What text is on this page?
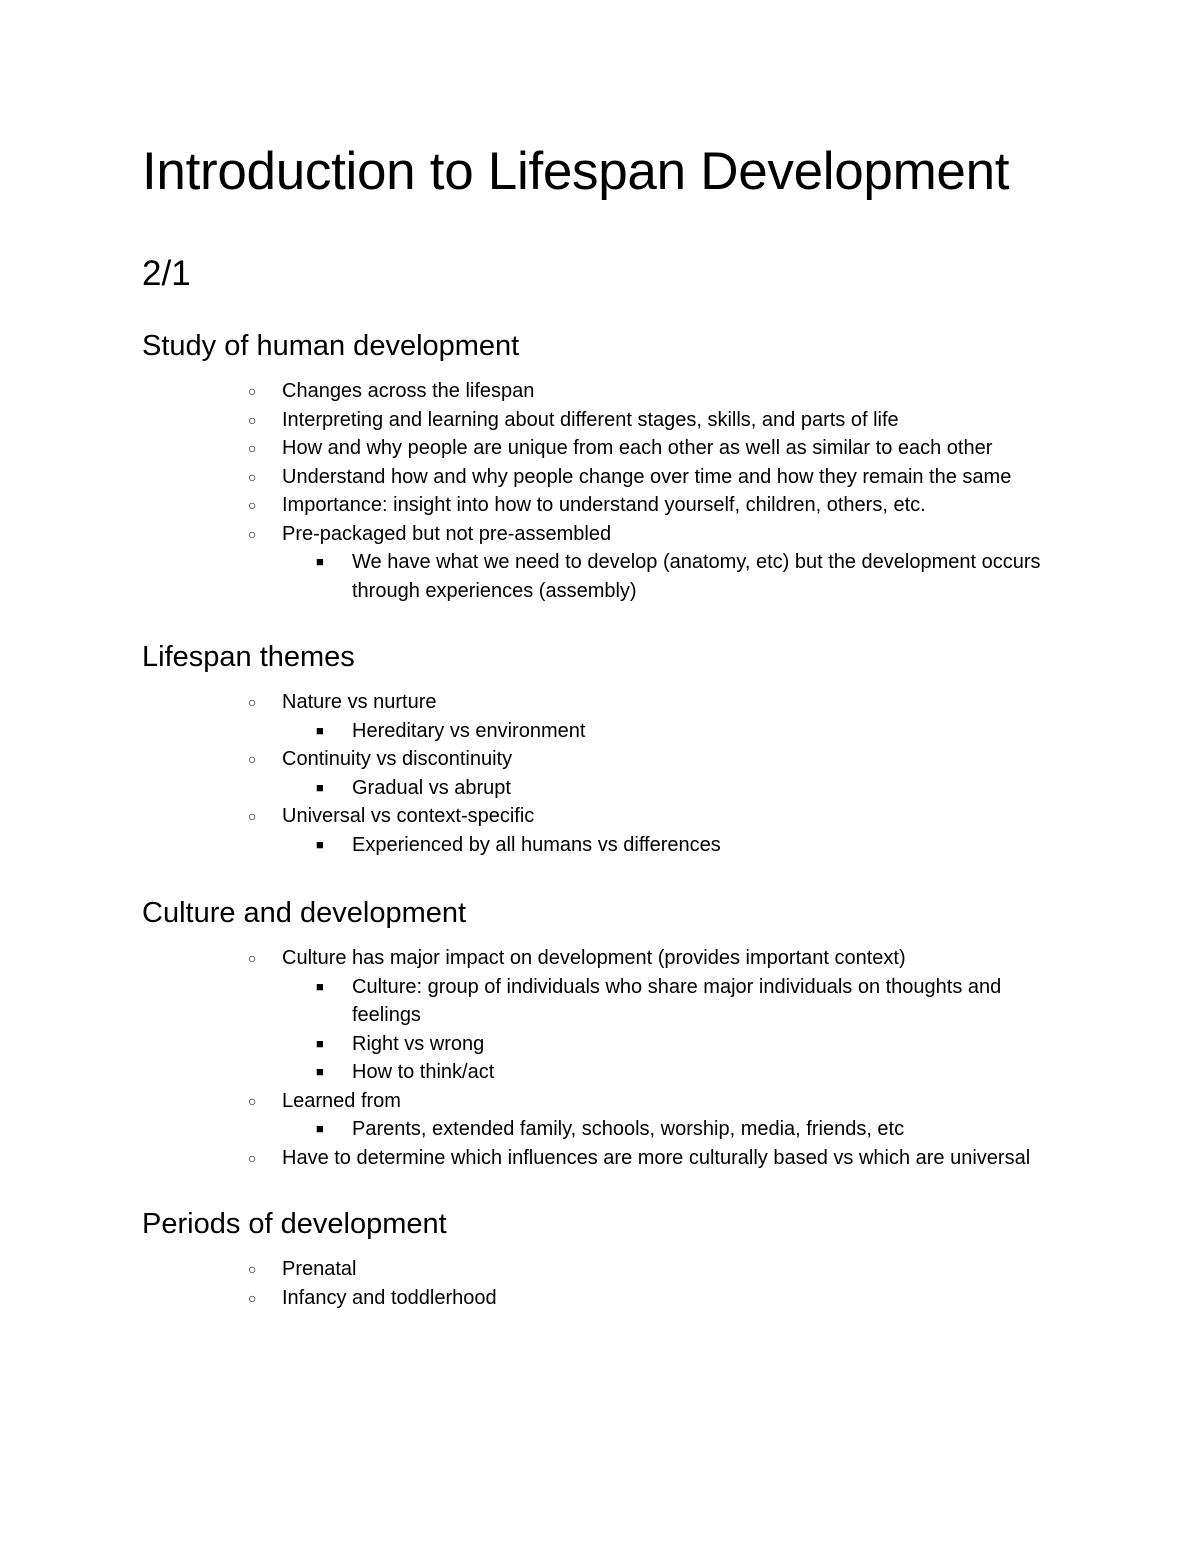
Introduction to Lifespan Development
2/1
Study of human development
○ Changes across the lifespan
○ Interpreting and learning about different stages, skills, and parts of life
○ How and why people are unique from each other as well as similar to each other
○ Understand how and why people change over time and how they remain the same
○ Importance: insight into how to understand yourself, children, others, etc.
○ Pre-packaged but not pre-assembled
■ We have what we need to develop (anatomy, etc) but the development occurs through experiences (assembly)
Lifespan themes
○ Nature vs nurture
■ Hereditary vs environment
○ Continuity vs discontinuity
■ Gradual vs abrupt
○ Universal vs context-specific
■ Experienced by all humans vs differences
Culture and development
○ Culture has major impact on development (provides important context)
■ Culture: group of individuals who share major individuals on thoughts and feelings
■ Right vs wrong
■ How to think/act
○ Learned from
■ Parents, extended family, schools, worship, media, friends, etc
○ Have to determine which influences are more culturally based vs which are universal
Periods of development
○ Prenatal
○ Infancy and toddlerhood
